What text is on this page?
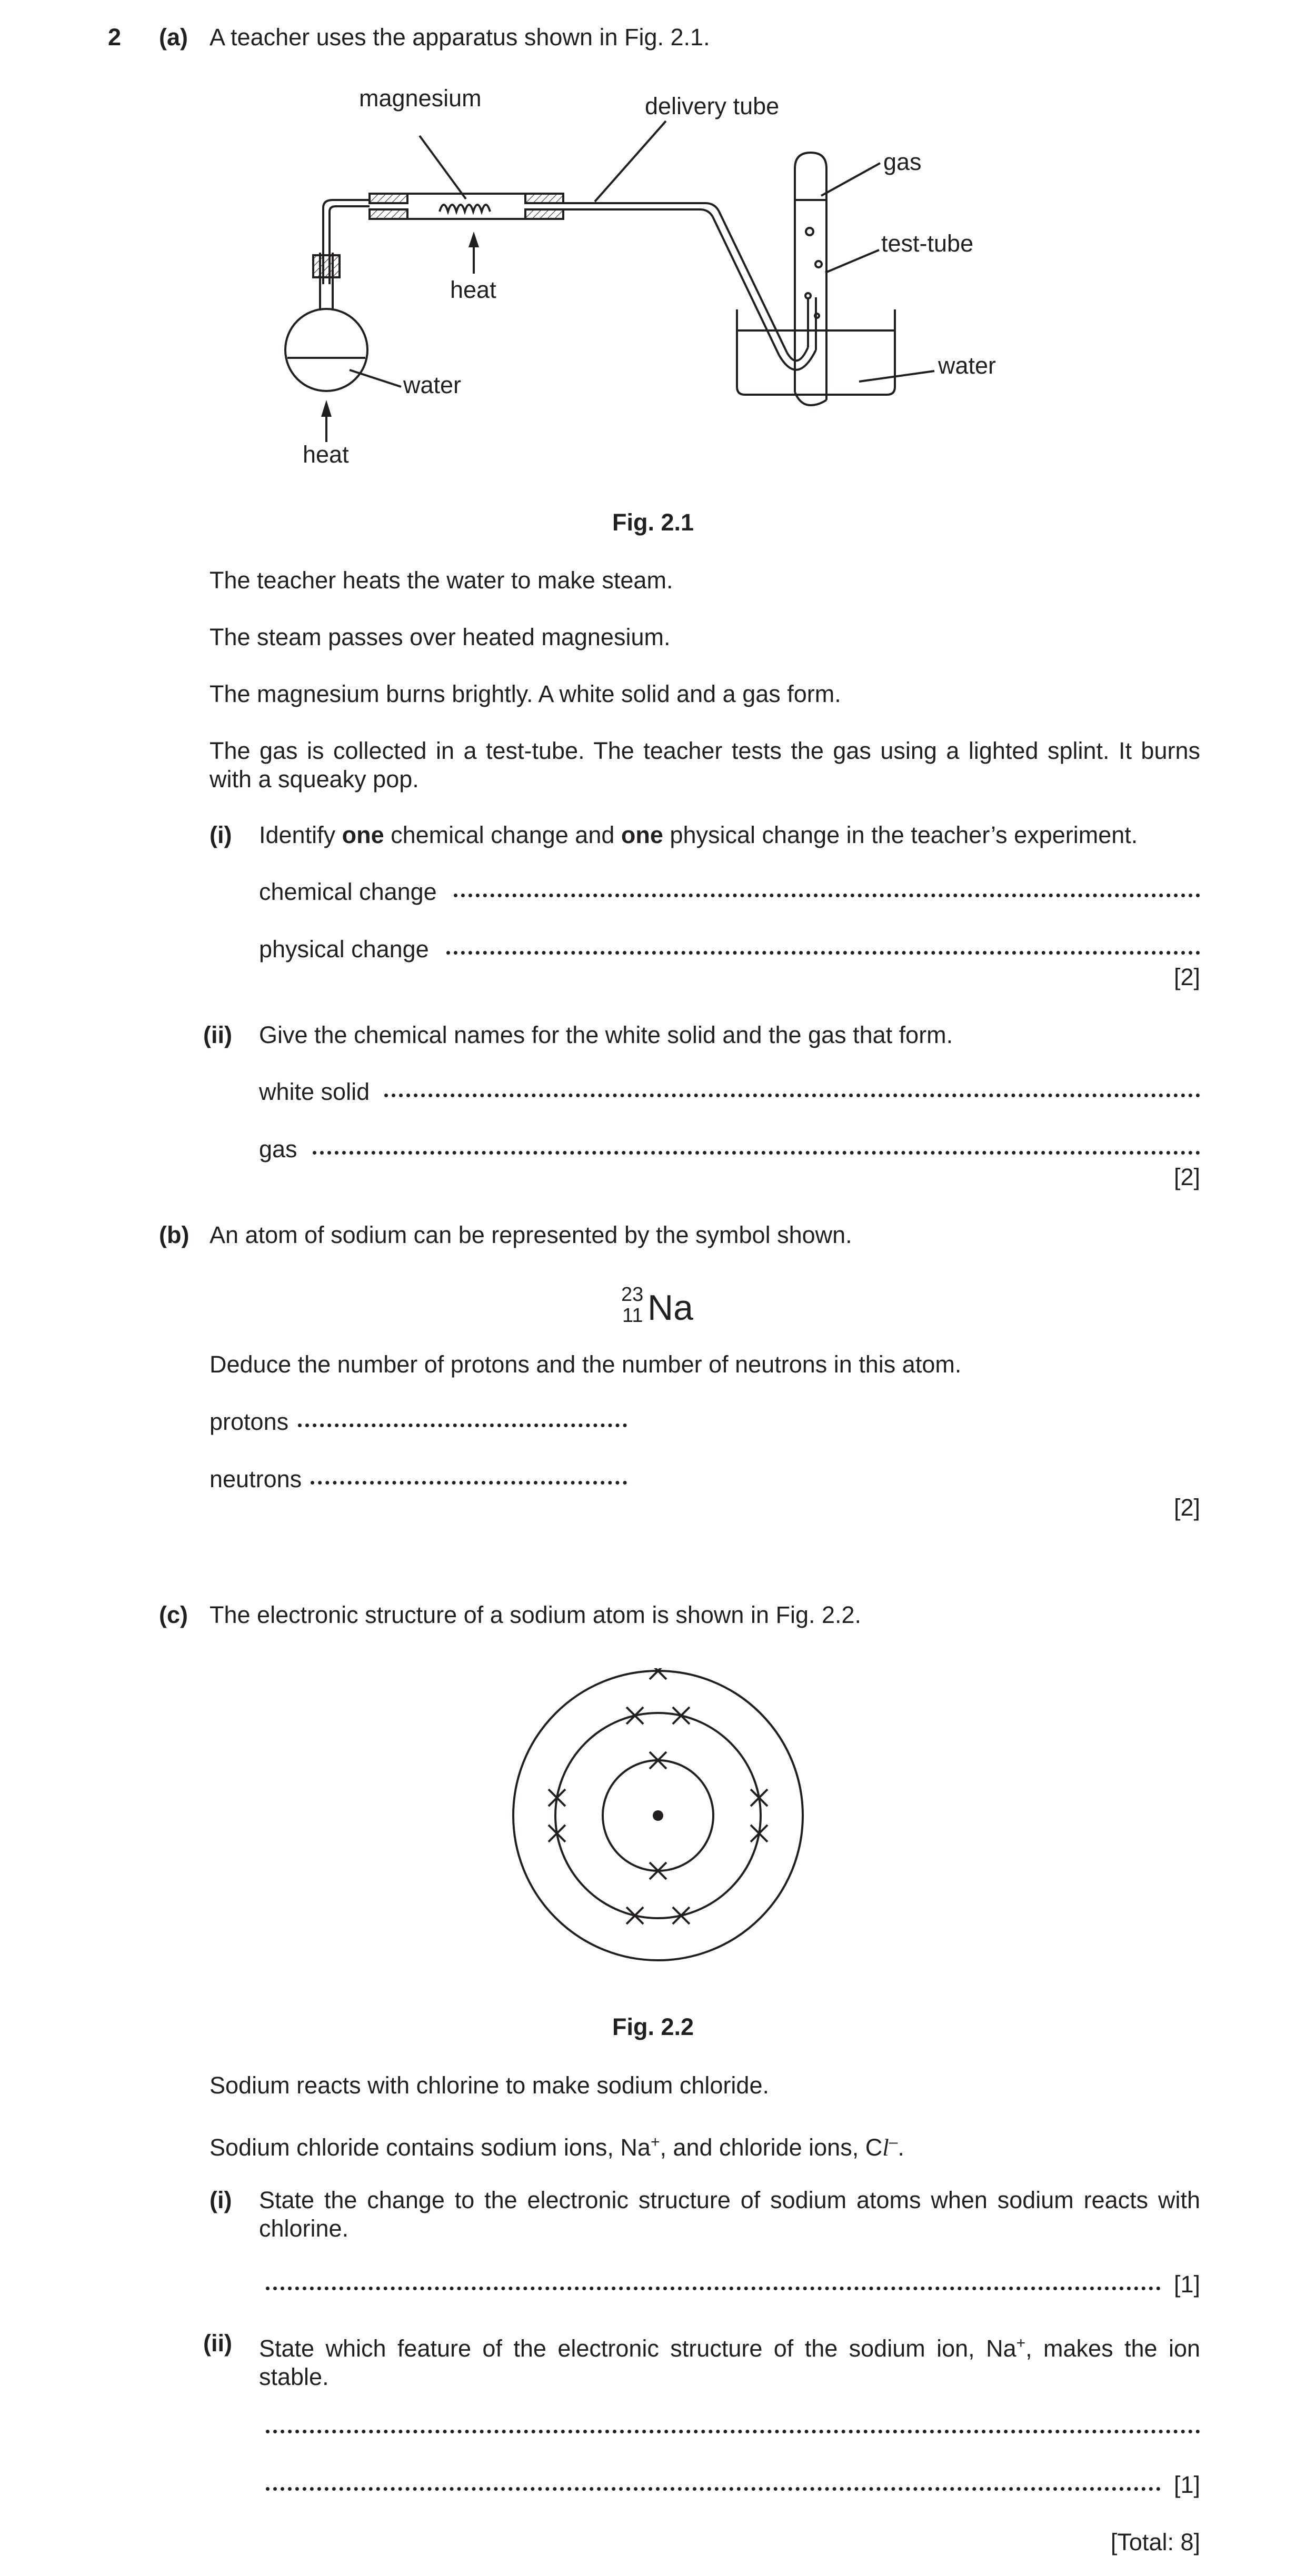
2 (a) A teacher uses the apparatus shown in Fig. 2.1.
magnesium	delivery tube
gas
test-tube
heat
water
water
heat
Fig. 2.1
The teacher heats the water to make steam.
The steam passes over heated magnesium.
The magnesium burns brightly. A white solid and a gas form.
The gas is collected in a test-tube. The teacher tests the gas using a lighted splint. It burns with a squeaky pop.
(i) Identify one chemical change and one physical change in the teacher’s experiment.
chemical change
physical change
[2]
(ii) Give the chemical names for the white solid and the gas that form.
white solid
gas
[2]
(b) An atom of sodium can be represented by the symbol shown.
23
11 Na
Deduce the number of protons and the number of neutrons in this atom.
protons
neutrons
[2]
(c) The electronic structure of a sodium atom is shown in Fig. 2.2.
Fig. 2.2
Sodium reacts with chlorine to make sodium chloride.
Sodium chloride contains sodium ions, Na+, and chloride ions, Cl–.
(i) State the change to the electronic structure of sodium atoms when sodium reacts with chlorine.
[1]
(ii) State which feature of the electronic structure of the sodium ion, Na+, makes the ion stable.
[1]
[Total: 8]
